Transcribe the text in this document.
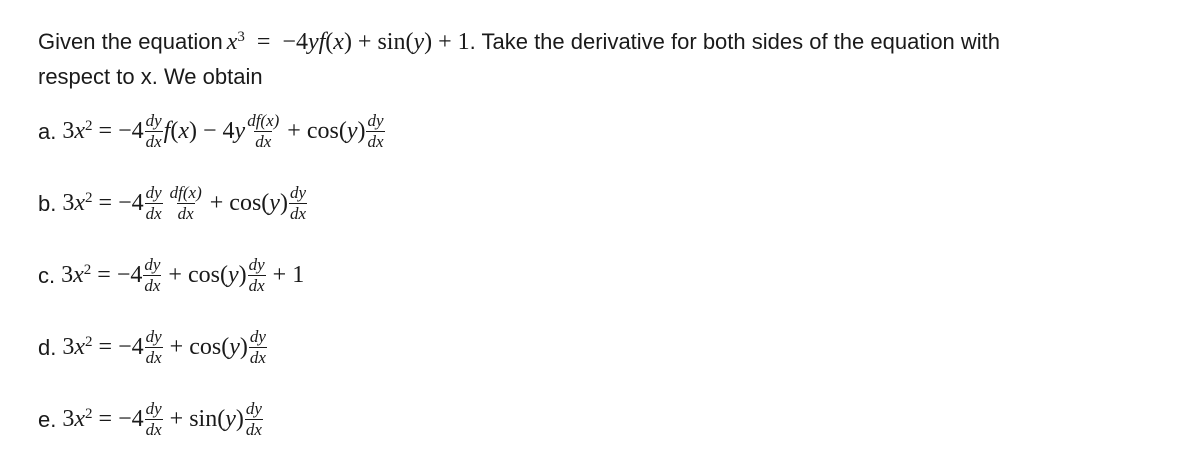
Given the equation $x^3 = -4yf(x) + \sin(y) + 1$. Take the derivative for both sides of the equation with
respect to x. We obtain
a. $3x^2 = -4 \frac{dy}{dx} f(x) - 4y \frac{df(x)}{dx} + \cos(y) \frac{dy}{dx}$
b. $3x^2 = -4 \frac{dy}{dx} \frac{df(x)}{dx} + \cos(y) \frac{dy}{dx}$
c. $3x^2 = -4 \frac{dy}{dx} + \cos(y) \frac{dy}{dx} + 1$
d. $3x^2 = -4 \frac{dy}{dx} + \cos(y) \frac{dy}{dx}$
e. $3x^2 = -4 \frac{dy}{dx} + \sin(y) \frac{dy}{dx}$
